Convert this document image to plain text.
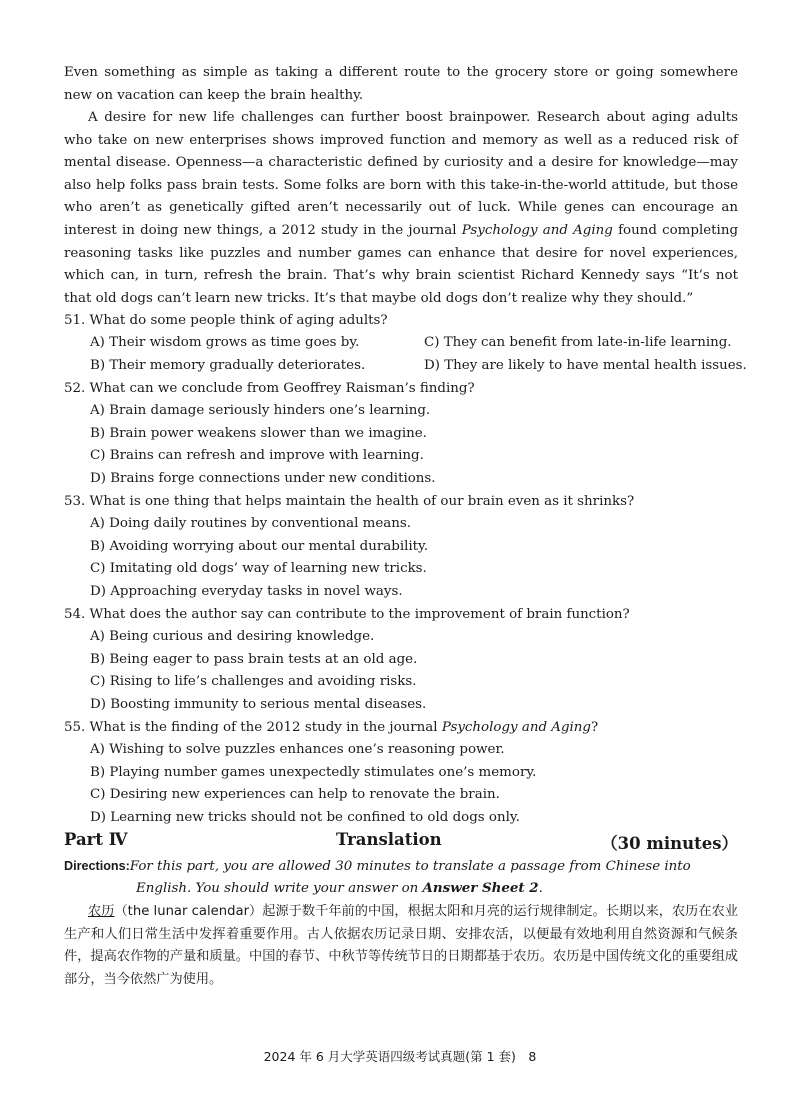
Even something as simple as taking a different route to the grocery store or going somewhere new on vacation can keep the brain healthy.

A desire for new life challenges can further boost brainpower. Research about aging adults who take on new enterprises shows improved function and memory as well as a reduced risk of mental disease. Openness—a characteristic defined by curiosity and a desire for knowledge—may also help folks pass brain tests. Some folks are born with this take-in-the-world attitude, but those who aren’t as genetically gifted aren’t necessarily out of luck. While genes can encourage an interest in doing new things, a 2012 study in the journal Psychology and Aging found completing reasoning tasks like puzzles and number games can enhance that desire for novel experiences, which can, in turn, refresh the brain. That’s why brain scientist Richard Kennedy says “It’s not that old dogs can’t learn new tricks. It’s that maybe old dogs don’t realize why they should.”

51. What do some people think of aging adults?
A) Their wisdom grows as time goes by.	C) They can benefit from late-in-life learning.
B) Their memory gradually deteriorates.	D) They are likely to have mental health issues.
52. What can we conclude from Geoffrey Raisman’s finding?
A) Brain damage seriously hinders one’s learning.
B) Brain power weakens slower than we imagine.
C) Brains can refresh and improve with learning.
D) Brains forge connections under new conditions.
53. What is one thing that helps maintain the health of our brain even as it shrinks?
A) Doing daily routines by conventional means.
B) Avoiding worrying about our mental durability.
C) Imitating old dogs’ way of learning new tricks.
D) Approaching everyday tasks in novel ways.
54. What does the author say can contribute to the improvement of brain function?
A) Being curious and desiring knowledge.
B) Being eager to pass brain tests at an old age.
C) Rising to life’s challenges and avoiding risks.
D) Boosting immunity to serious mental diseases.
55. What is the finding of the 2012 study in the journal Psychology and Aging?
A) Wishing to solve puzzles enhances one’s reasoning power.
B) Playing number games unexpectedly stimulates one’s memory.
C) Desiring new experiences can help to renovate the brain.
D) Learning new tricks should not be confined to old dogs only.
Part Ⅳ	Translation	（30 minutes）
Directions:For this part, you are allowed 30 minutes to translate a passage from Chinese into
English. You should write your answer on Answer Sheet 2.
农历（the lunar calendar）起源于数千年前的中国，根据太阳和月亮的运行规律制定。长期以来，农历在农业生产和人们日常生活中发挥着重要作用。古人依据农历记录日期、安排农活，以便最有效地利用自然资源和气候条件，提高农作物的产量和质量。中国的春节、中秋节等传统节日的日期都基于农历。农历是中国传统文化的重要组成部分，当今依然广为使用。
2024 年 6 月大学英语四级考试真题(第 1 套)　8
